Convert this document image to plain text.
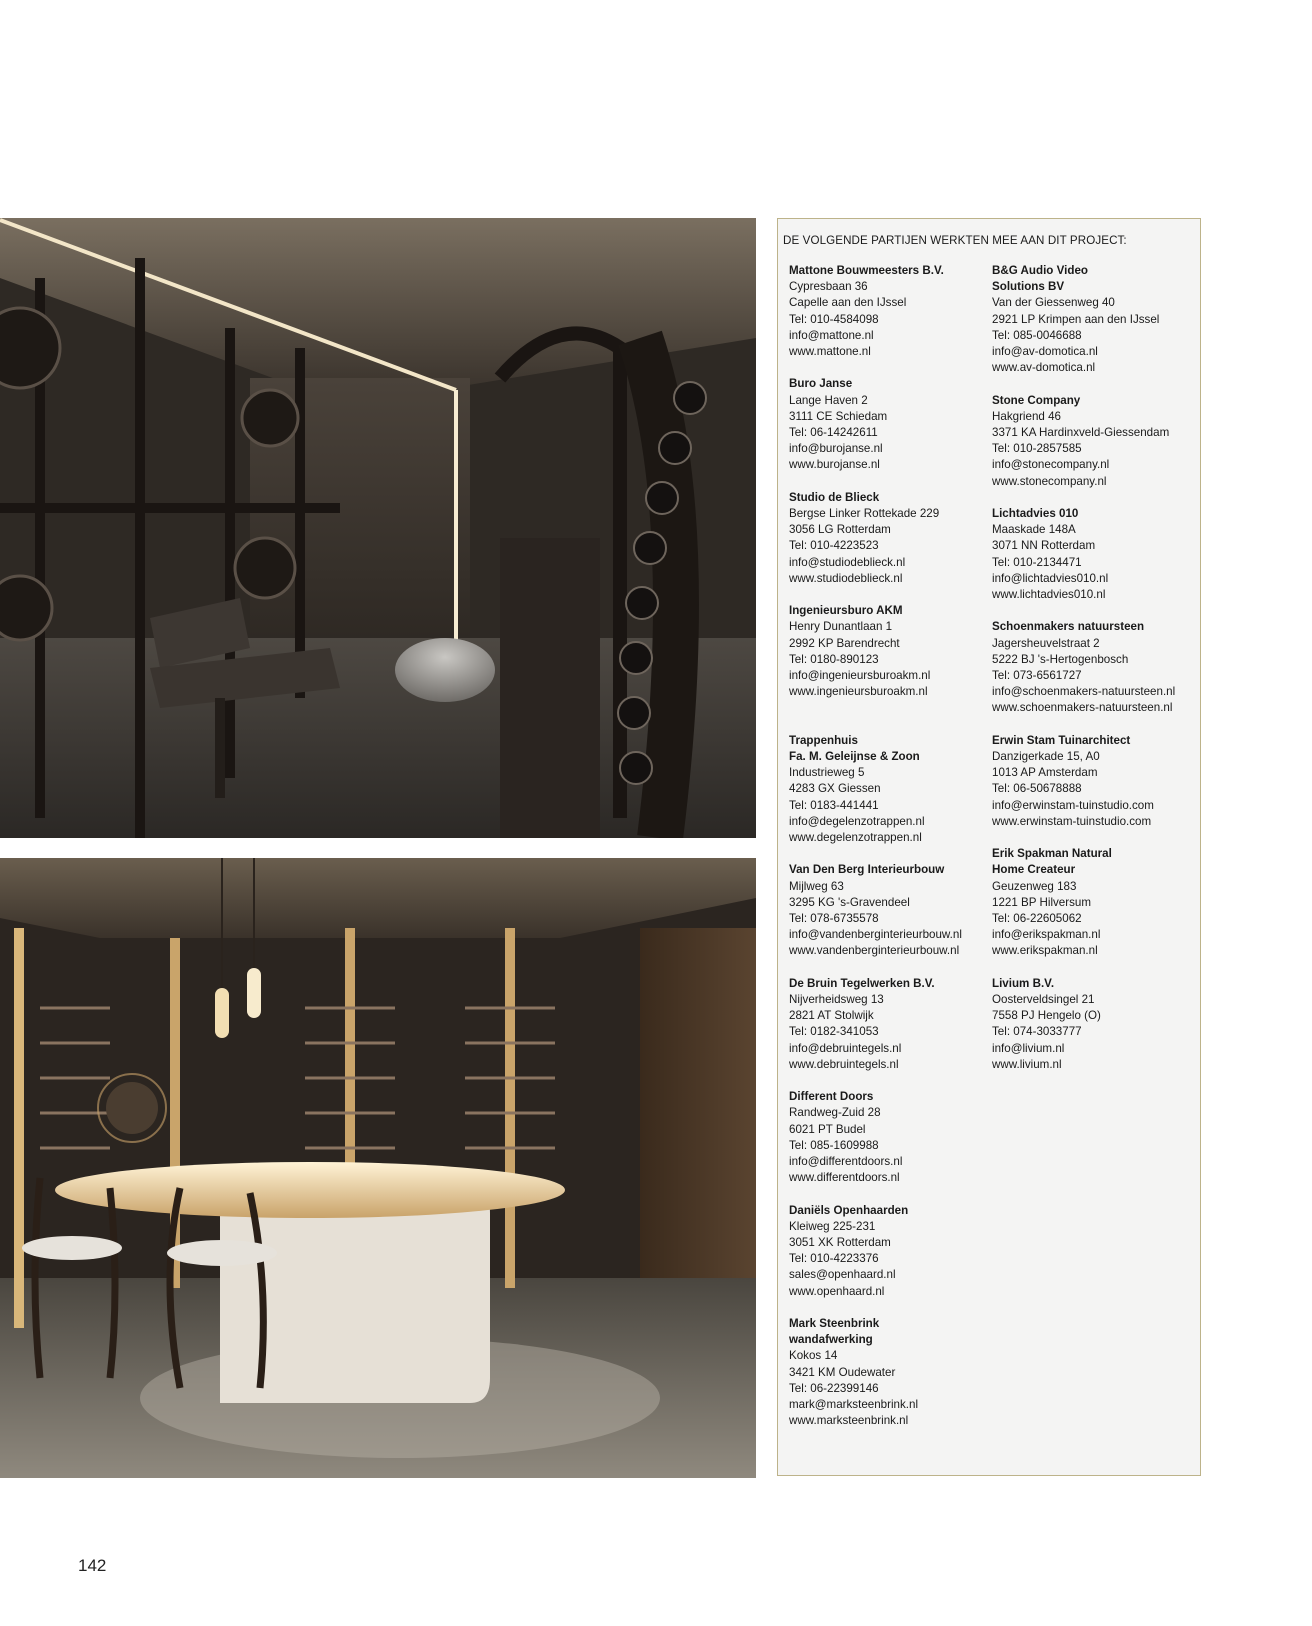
DE VOLGENDE PARTIJEN WERKTEN MEE AAN DIT PROJECT:
Mattone Bouwmeesters B.V.
Cypresbaan 36
Capelle aan den IJssel
Tel: 010-4584098
info@mattone.nl
www.mattone.nl
Buro Janse
Lange Haven 2
3111 CE Schiedam
Tel: 06-14242611
info@burojanse.nl
www.burojanse.nl
Studio de Blieck
Bergse Linker Rottekade 229
3056 LG Rotterdam
Tel: 010-4223523
info@studiodeblieck.nl
www.studiodeblieck.nl
Ingenieursburo AKM
Henry Dunantlaan 1
2992 KP Barendrecht
Tel: 0180-890123
info@ingenieursburoakm.nl
www.ingenieursburoakm.nl
Trappenhuis
Fa. M. Geleijnse & Zoon
Industrieweg 5
4283 GX Giessen
Tel: 0183-441441
info@degelenzotrappen.nl
www.degelenzotrappen.nl
Van Den Berg Interieurbouw
Mijlweg 63
3295 KG 's-Gravendeel
Tel: 078-6735578
info@vandenberginterieurbouw.nl
www.vandenberginterieurbouw.nl
De Bruin Tegelwerken B.V.
Nijverheidsweg 13
2821 AT Stolwijk
Tel: 0182-341053
info@debruintegels.nl
www.debruintegels.nl
Different Doors
Randweg-Zuid 28
6021 PT Budel
Tel: 085-1609988
info@differentdoors.nl
www.differentdoors.nl
Daniëls Openhaarden
Kleiweg 225-231
3051 XK Rotterdam
Tel: 010-4223376
sales@openhaard.nl
www.openhaard.nl
Mark Steenbrink
wandafwerking
Kokos 14
3421 KM Oudewater
Tel: 06-22399146
mark@marksteenbrink.nl
www.marksteenbrink.nl
B&G Audio Video
Solutions BV
Van der Giessenweg 40
2921 LP Krimpen aan den IJssel
Tel: 085-0046688
info@av-domotica.nl
www.av-domotica.nl
Stone Company
Hakgriend 46
3371 KA Hardinxveld-Giessendam
Tel: 010-2857585
info@stonecompany.nl
www.stonecompany.nl
Lichtadvies 010
Maaskade 148A
3071 NN Rotterdam
Tel: 010-2134471
info@lichtadvies010.nl
www.lichtadvies010.nl
Schoenmakers natuursteen
Jagersheuvelstraat 2
5222 BJ 's-Hertogenbosch
Tel: 073-6561727
info@schoenmakers-natuursteen.nl
www.schoenmakers-natuursteen.nl
Erwin Stam Tuinarchitect
Danzigerkade 15, A0
1013 AP Amsterdam
Tel: 06-50678888
info@erwinstam-tuinstudio.com
www.erwinstam-tuinstudio.com
Erik Spakman Natural
Home Createur
Geuzenweg 183
1221 BP Hilversum
Tel: 06-22605062
info@erikspakman.nl
www.erikspakman.nl
Livium B.V.
Oosterveldsingel 21
7558 PJ Hengelo (O)
Tel: 074-3033777
info@livium.nl
www.livium.nl
142
